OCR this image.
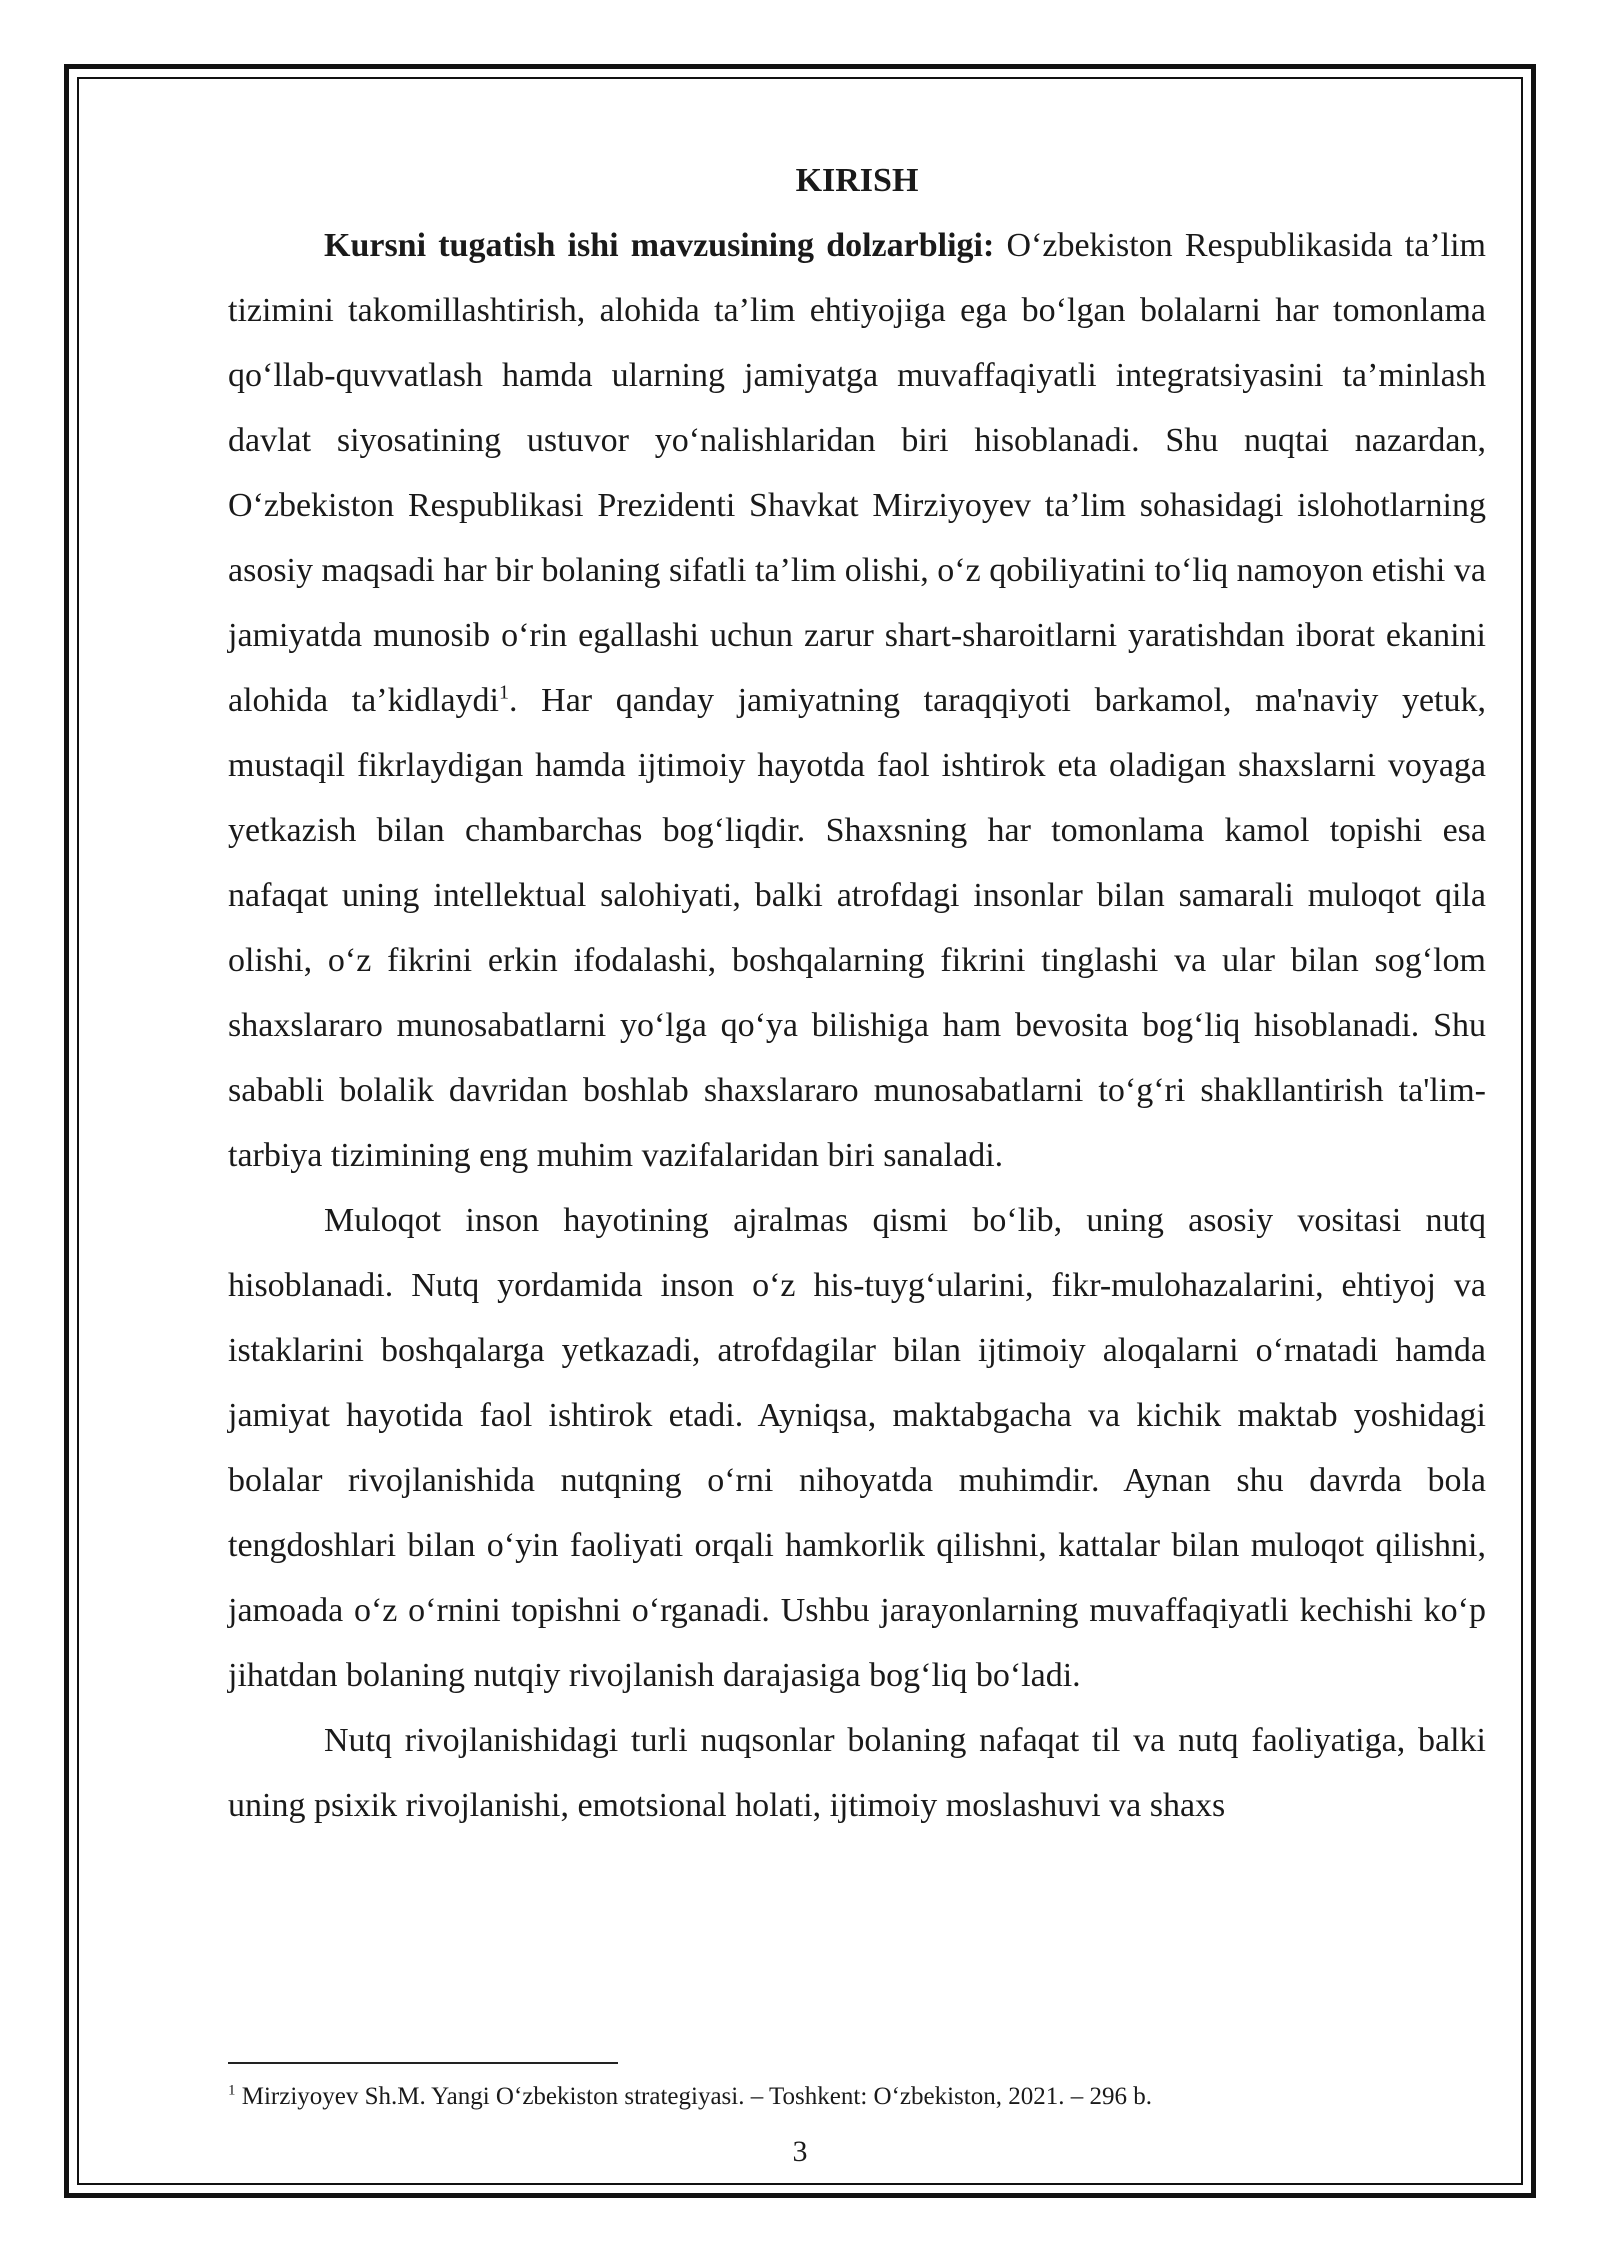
KIRISH

Kursni tugatish ishi mavzusining dolzarbligi: O‘zbekiston Respublikasida ta’lim tizimini takomillashtirish, alohida ta’lim ehtiyojiga ega bo‘lgan bolalarni har tomonlama qo‘llab-quvvatlash hamda ularning jamiyatga muvaffaqiyatli integratsiyasini ta’minlash davlat siyosatining ustuvor yo‘nalishlaridan biri hisoblanadi. Shu nuqtai nazardan, O‘zbekiston Respublikasi Prezidenti Shavkat Mirziyoyev ta’lim sohasidagi islohotlarning asosiy maqsadi har bir bolaning sifatli ta’lim olishi, o‘z qobiliyatini to‘liq namoyon etishi va jamiyatda munosib o‘rin egallashi uchun zarur shart-sharoitlarni yaratishdan iborat ekanini alohida ta’kidlaydi$^1$. Har qanday jamiyatning taraqqiyoti barkamol, ma'naviy yetuk, mustaqil fikrlaydigan hamda ijtimoiy hayotda faol ishtirok eta oladigan shaxslarni voyaga yetkazish bilan chambarchas bog‘liqdir. Shaxsning har tomonlama kamol topishi esa nafaqat uning intellektual salohiyati, balki atrofdagi insonlar bilan samarali muloqot qila olishi, o‘z fikrini erkin ifodalashi, boshqalarning fikrini tinglashi va ular bilan sog‘lom shaxslararo munosabatlarni yo‘lga qo‘ya bilishiga ham bevosita bog‘liq hisoblanadi. Shu sababli bolalik davridan boshlab shaxslararo munosabatlarni to‘g‘ri shakllantirish ta'lim-tarbiya tizimining eng muhim vazifalaridan biri sanaladi.

Muloqot inson hayotining ajralmas qismi bo‘lib, uning asosiy vositasi nutq hisoblanadi. Nutq yordamida inson o‘z his-tuyg‘ularini, fikr-mulohazalarini, ehtiyoj va istaklarini boshqalarga yetkazadi, atrofdagilar bilan ijtimoiy aloqalarni o‘rnatadi hamda jamiyat hayotida faol ishtirok etadi. Ayniqsa, maktabgacha va kichik maktab yoshidagi bolalar rivojlanishida nutqning o‘rni nihoyatda muhimdir. Aynan shu davrda bola tengdoshlari bilan o‘yin faoliyati orqali hamkorlik qilishni, kattalar bilan muloqot qilishni, jamoada o‘z o‘rnini topishni o‘rganadi. Ushbu jarayonlarning muvaffaqiyatli kechishi ko‘p jihatdan bolaning nutqiy rivojlanish darajasiga bog‘liq bo‘ladi.

Nutq rivojlanishidagi turli nuqsonlar bolaning nafaqat til va nutq faoliyatiga, balki uning psixik rivojlanishi, emotsional holati, ijtimoiy moslashuvi va shaxs

$^1$ Mirziyoyev Sh.M. Yangi O‘zbekiston strategiyasi. – Toshkent: O‘zbekiston, 2021. – 296 b.
3
